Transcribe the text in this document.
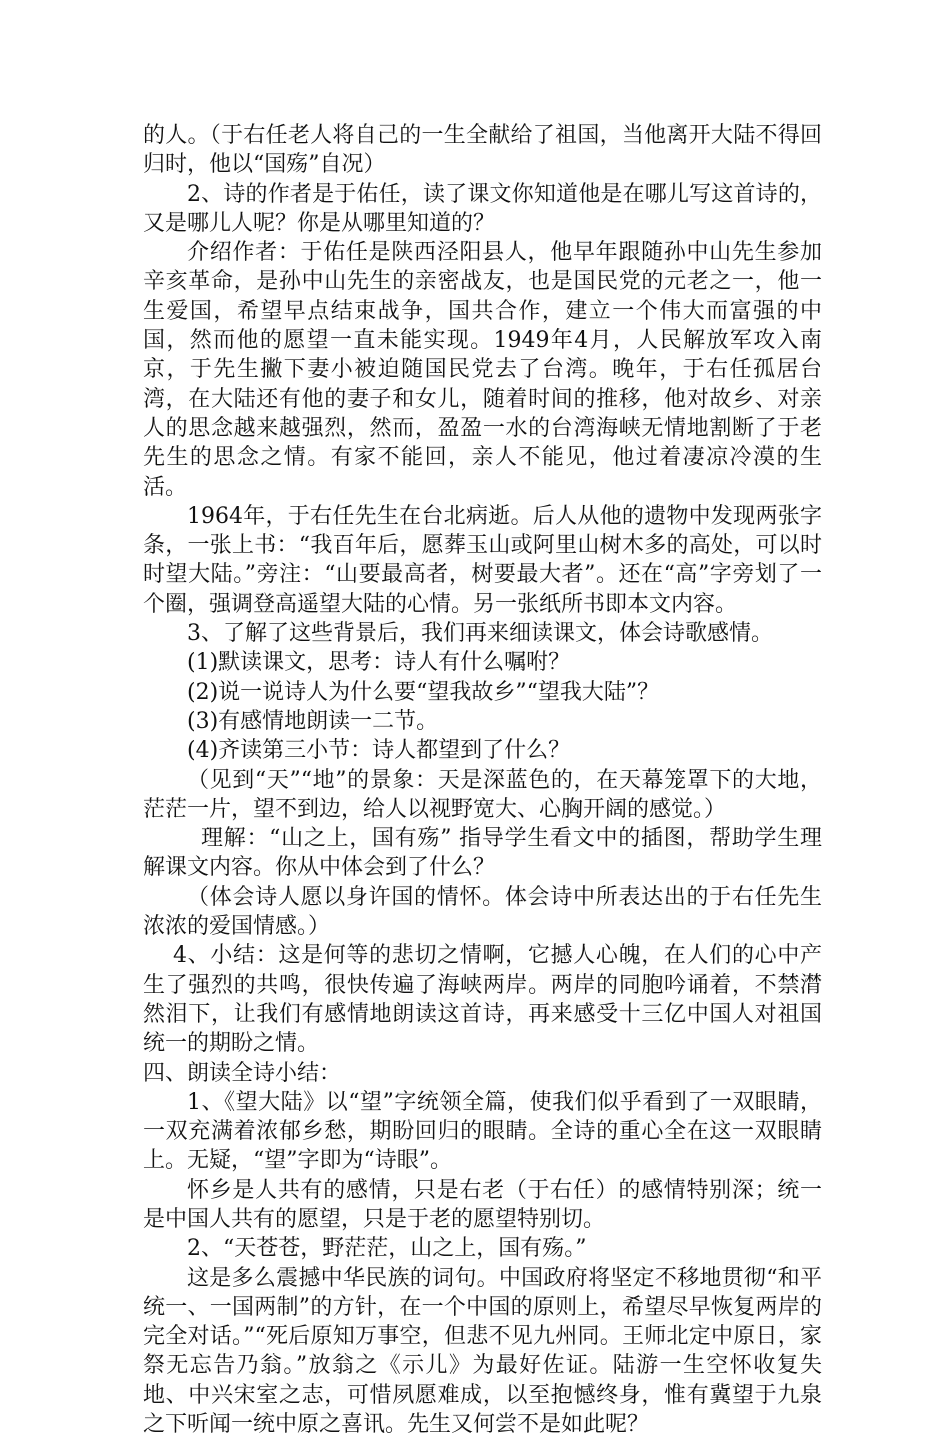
的人。（于右任老人将自己的一生全献给了祖国，当他离开大陆不得回归时，他以“国殇”自况）

2、诗的作者是于佑任，读了课文你知道他是在哪儿写这首诗的，又是哪儿人呢？你是从哪里知道的？

介绍作者：于佑任是陕西泾阳县人，他早年跟随孙中山先生参加辛亥革命，是孙中山先生的亲密战友，也是国民党的元老之一，他一生爱国，希望早点结束战争，国共合作，建立一个伟大而富强的中国，然而他的愿望一直未能实现。1949年4月，人民解放军攻入南京，于先生撇下妻小被迫随国民党去了台湾。晚年，于右任孤居台湾，在大陆还有他的妻子和女儿，随着时间的推移，他对故乡、对亲人的思念越来越强烈，然而，盈盈一水的台湾海峡无情地割断了于老先生的思念之情。有家不能回，亲人不能见，他过着凄凉冷漠的生活。

1964年，于右任先生在台北病逝。后人从他的遗物中发现两张字条，一张上书：“我百年后，愿葬玉山或阿里山树木多的高处，可以时时望大陆。”旁注：“山要最高者，树要最大者”。还在“高”字旁划了一个圈，强调登高遥望大陆的心情。另一张纸所书即本文内容。

3、了解了这些背景后，我们再来细读课文，体会诗歌感情。

(1)默读课文，思考：诗人有什么嘱咐？

(2)说一说诗人为什么要“望我故乡”“望我大陆”？

(3)有感情地朗读一二节。

(4)齐读第三小节：诗人都望到了什么？

（见到“天”“地”的景象：天是深蓝色的，在天幕笼罩下的大地，茫茫一片，望不到边，给人以视野宽大、心胸开阔的感觉。）

理解：“山之上，国有殇” 指导学生看文中的插图，帮助学生理解课文内容。你从中体会到了什么？

（体会诗人愿以身许国的情怀。体会诗中所表达出的于右任先生浓浓的爱国情感。）

4、小结：这是何等的悲切之情啊，它撼人心魄，在人们的心中产生了强烈的共鸣，很快传遍了海峡两岸。两岸的同胞吟诵着，不禁潸然泪下，让我们有感情地朗读这首诗，再来感受十三亿中国人对祖国统一的期盼之情。

四、朗读全诗小结：

1、《望大陆》以“望”字统领全篇，使我们似乎看到了一双眼睛，一双充满着浓郁乡愁，期盼回归的眼睛。全诗的重心全在这一双眼睛上。无疑，“望”字即为“诗眼”。

怀乡是人共有的感情，只是右老（于右任）的感情特别深；统一是中国人共有的愿望，只是于老的愿望特别切。

2、“天苍苍，野茫茫，山之上，国有殇。”

这是多么震撼中华民族的词句。中国政府将坚定不移地贯彻“和平统一、一国两制”的方针，在一个中国的原则上，希望尽早恢复两岸的完全对话。”“死后原知万事空，但悲不见九州同。王师北定中原日，家祭无忘告乃翁。”放翁之《示儿》为最好佐证。陆游一生空怀收复失地、中兴宋室之志，可惜夙愿难成，以至抱憾终身，惟有冀望于九泉之下听闻一统中原之喜讯。先生又何尝不是如此呢？
